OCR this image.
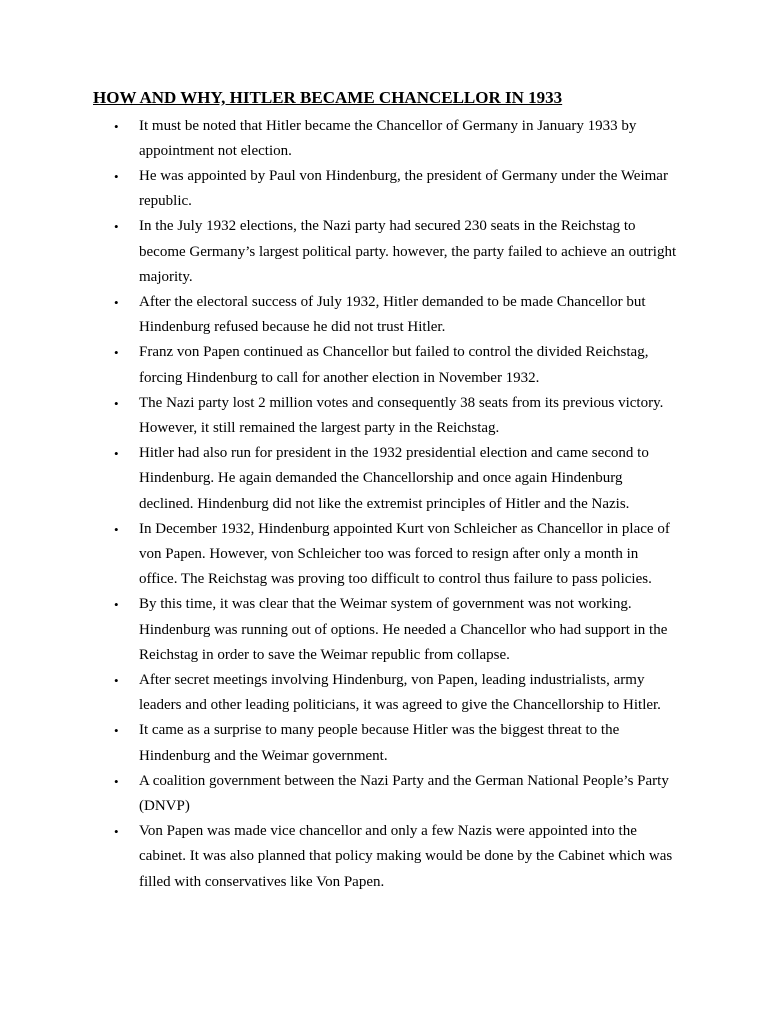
HOW AND WHY, HITLER BECAME CHANCELLOR IN 1933
• It must be noted that Hitler became the Chancellor of Germany in January 1933 by appointment not election.
• He was appointed by Paul von Hindenburg, the president of Germany under the Weimar republic.
• In the July 1932 elections, the Nazi party had secured 230 seats in the Reichstag to become Germany’s largest political party. however, the party failed to achieve an outright majority.
• After the electoral success of July 1932, Hitler demanded to be made Chancellor but Hindenburg refused because he did not trust Hitler.
• Franz von Papen continued as Chancellor but failed to control the divided Reichstag, forcing Hindenburg to call for another election in November 1932.
• The Nazi party lost 2 million votes and consequently 38 seats from its previous victory. However, it still remained the largest party in the Reichstag.
• Hitler had also run for president in the 1932 presidential election and came second to Hindenburg. He again demanded the Chancellorship and once again Hindenburg declined. Hindenburg did not like the extremist principles of Hitler and the Nazis.
• In December 1932, Hindenburg appointed Kurt von Schleicher as Chancellor in place of von Papen. However, von Schleicher too was forced to resign after only a month in office. The Reichstag was proving too difficult to control thus failure to pass policies.
• By this time, it was clear that the Weimar system of government was not working. Hindenburg was running out of options. He needed a Chancellor who had support in the Reichstag in order to save the Weimar republic from collapse.
• After secret meetings involving Hindenburg, von Papen, leading industrialists, army leaders and other leading politicians, it was agreed to give the Chancellorship to Hitler.
• It came as a surprise to many people because Hitler was the biggest threat to the Hindenburg and the Weimar government.
• A coalition government between the Nazi Party and the German National People’s Party (DNVP)
• Von Papen was made vice chancellor and only a few Nazis were appointed into the cabinet. It was also planned that policy making would be done by the Cabinet which was filled with conservatives like Von Papen.
